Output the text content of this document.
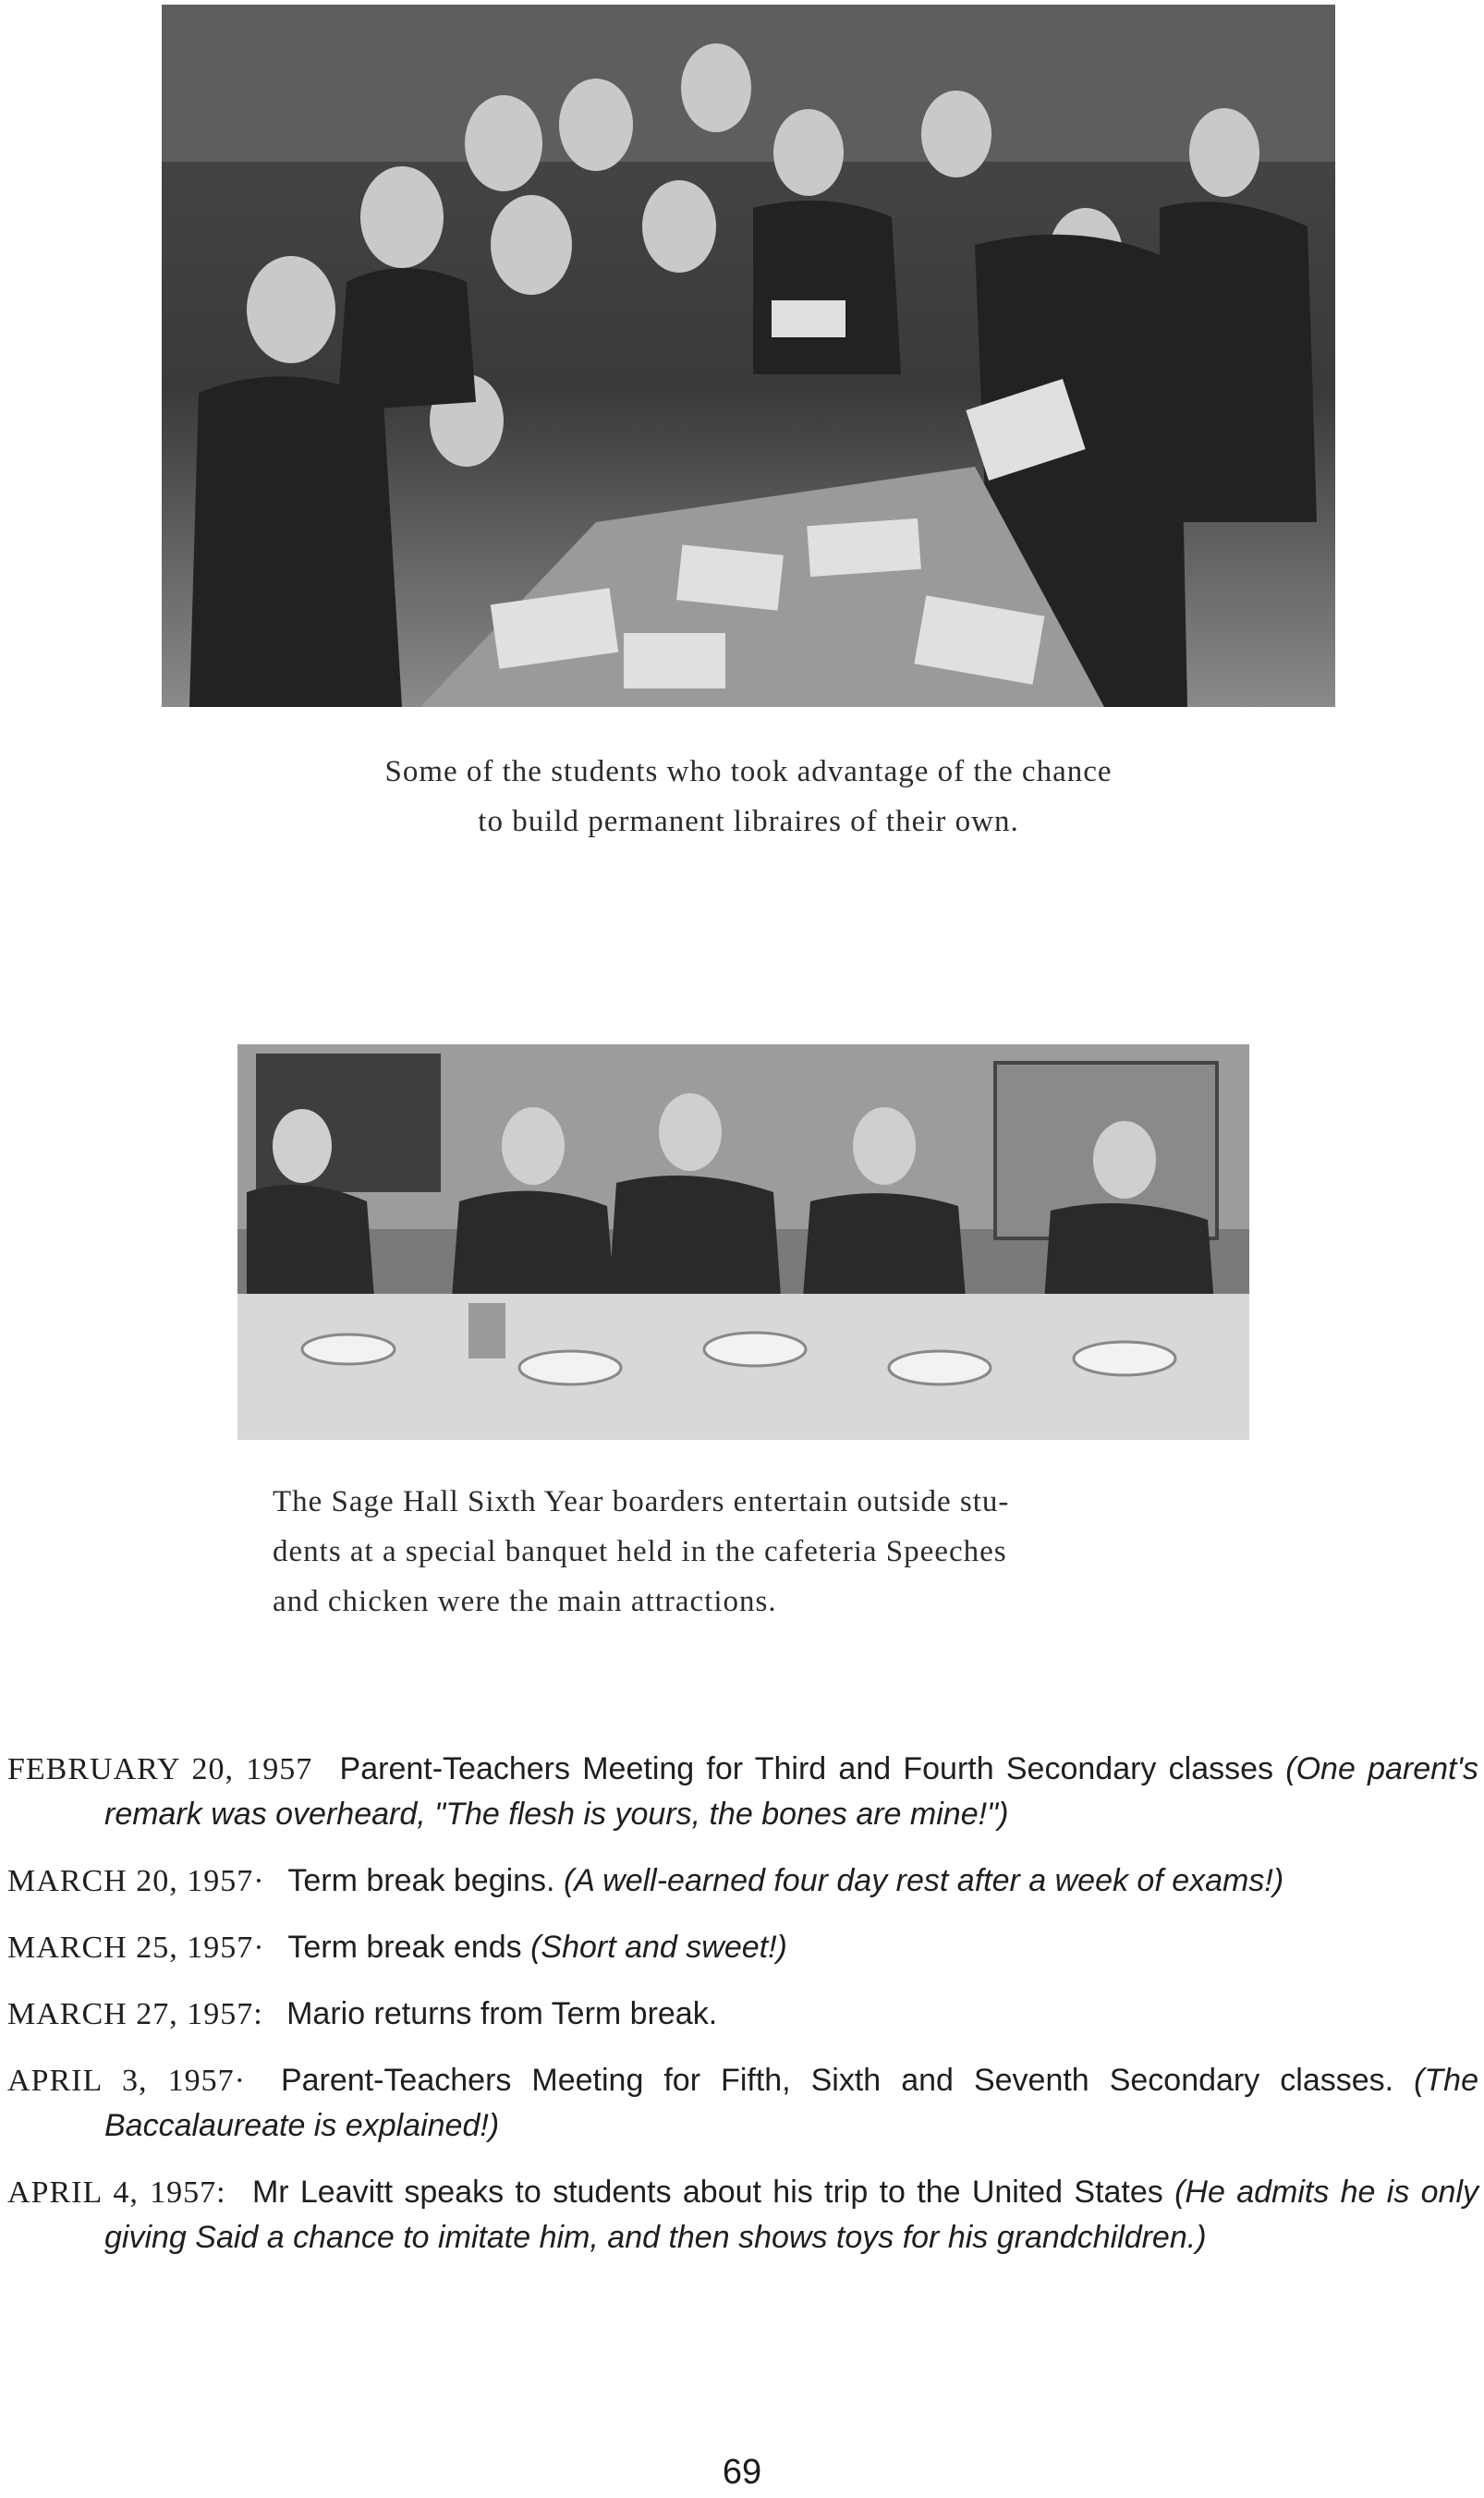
Some of the students who took advantage of the chance

to build permanent libraires of their own.

The Sage Hall Sixth Year boarders entertain outside stu-

dents at a special banquet held in the cafeteria Speeches

and chicken were the main attractions.

FEBRUARY 20, 1957 Parent-Teachers Meeting for Third and Fourth Secondary classes (One parent's remark was overheard, "The flesh is yours, the bones are mine!")

MARCH 20, 1957· Term break begins. (A well-earned four day rest after a week of exams!)

MARCH 25, 1957· Term break ends (Short and sweet!)

MARCH 27, 1957: Mario returns from Term break.

APRIL 3, 1957· Parent-Teachers Meeting for Fifth, Sixth and Seventh Secondary classes. (The Baccalaureate is explained!)

APRIL 4, 1957: Mr Leavitt speaks to students about his trip to the United States (He admits he is only giving Said a chance to imitate him, and then shows toys for his grandchildren.)

69
